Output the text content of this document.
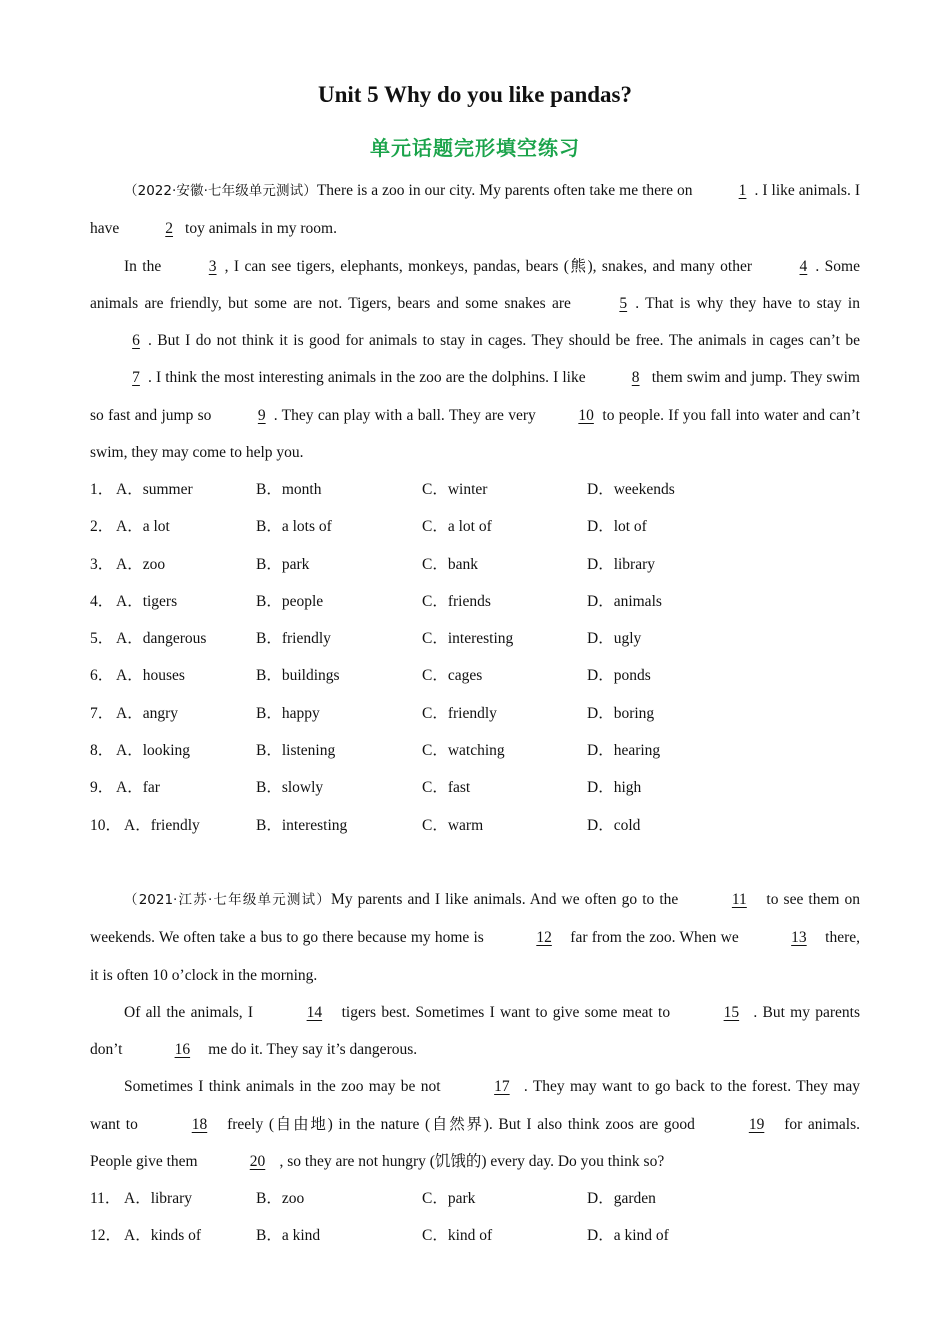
Unit 5 Why do you like pandas?
单元话题完形填空练习

（2022·安徽·七年级单元测试）There is a zoo in our city. My parents often take me there on	1 . I like animals. I have	2 toy animals in my room.

In the	3 , I can see tigers, elephants, monkeys, pandas, bears (熊), snakes, and many other	4 . Some animals are friendly, but some are not. Tigers, bears and some snakes are	5 . That is why they have to stay in 6 . But I do not think it is good for animals to stay in cages. They should be free. The animals in cages can’t be 7 . I think the most interesting animals in the zoo are the dolphins. I like	8 them swim and jump. They swim so fast and jump so	9 . They can play with a ball. They are very 10 to people. If you fall into water and can’t swim, they may come to help you.

1． A．summer	B．month	C．winter	D．weekends
2． A．a lot	B．a lots of	C．a lot of	D．lot of
3． A．zoo	B．park	C．bank	D．library
4． A．tigers	B．people	C．friends	D．animals
5． A．dangerous	B．friendly	C．interesting	D．ugly
6． A．houses	B．buildings	C．cages	D．ponds
7． A．angry	B．happy	C．friendly	D．boring
8． A．looking	B．listening	C．watching	D．hearing
9． A．far	B．slowly	C．fast	D．high
10． A．friendly	B．interesting	C．warm	D．cold

（2021·江苏·七年级单元测试）My parents and I like animals. And we often go to the	11 to see them on weekends. We often take a bus to go there because my home is	12 far from the zoo. When we	13 there, it is often 10 o’clock in the morning.

Of all the animals, I	14 tigers best. Sometimes I want to give some meat to	15 . But my parents don’t	16 me do it. They say it’s dangerous.

Sometimes I think animals in the zoo may be not	17 . They may want to go back to the forest. They may want to	18 freely (自由地) in the nature (自然界). But I also think zoos are good	19 for animals. People give them	20 , so they are not hungry (饥饿的) every day. Do you think so?

11． A．library	B．zoo	C．park	D．garden
12． A．kinds of	B．a kind	C．kind of	D．a kind of
